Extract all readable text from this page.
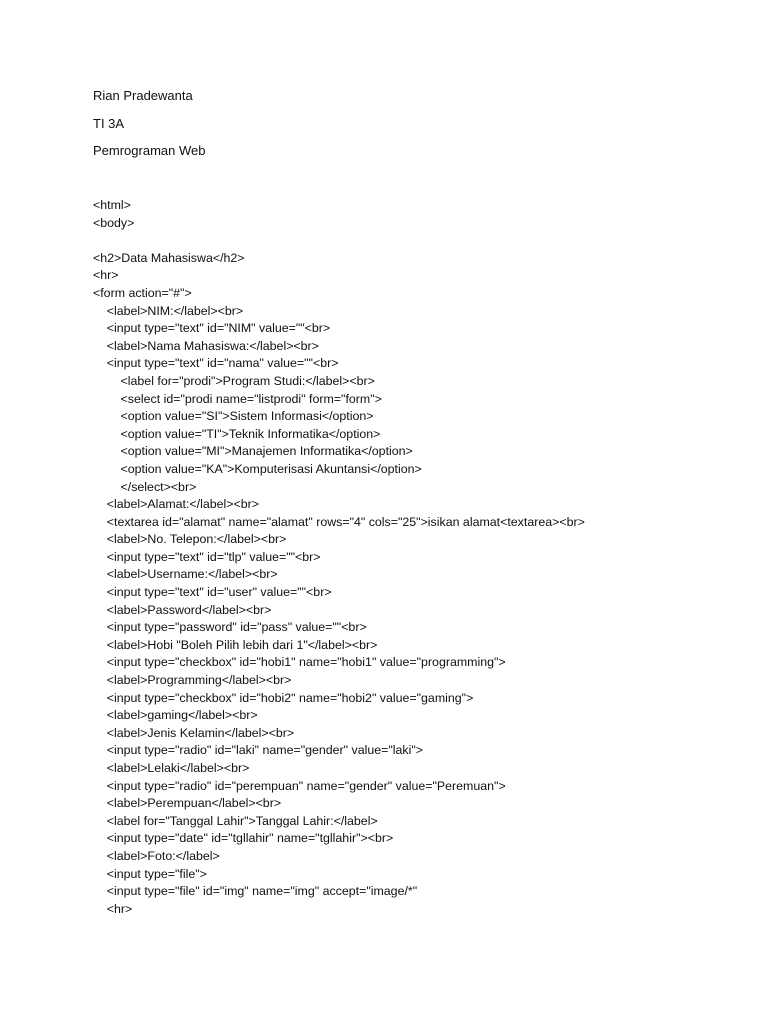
Rian Pradewanta
TI 3A
Pemrograman Web
<html>
<body>
<h2>Data Mahasiswa</h2>
<hr>
<form action="#">
<label>NIM:</label><br>
<input type="text" id="NIM" value=""<br>
<label>Nama Mahasiswa:</label><br>
<input type="text" id="nama" value=""<br>
<label for="prodi">Program Studi:</label><br>
<select id="prodi name="listprodi" form="form">
<option value="SI">Sistem Informasi</option>
<option value="TI">Teknik Informatika</option>
<option value="MI">Manajemen Informatika</option>
<option value="KA">Komputerisasi Akuntansi</option>
</select><br>
<label>Alamat:</label><br>
<textarea id="alamat" name="alamat" rows="4" cols="25">isikan alamat<textarea><br>
<label>No. Telepon:</label><br>
<input type="text" id="tlp" value=""<br>
<label>Username:</label><br>
<input type="text" id="user" value=""<br>
<label>Password</label><br>
<input type="password" id="pass" value=""<br>
<label>Hobi "Boleh Pilih lebih dari 1"</label><br>
<input type="checkbox" id="hobi1" name="hobi1" value="programming">
<label>Programming</label><br>
<input type="checkbox" id="hobi2" name="hobi2" value="gaming">
<label>gaming</label><br>
<label>Jenis Kelamin</label><br>
<input type="radio" id="laki" name="gender" value="laki">
<label>Lelaki</label><br>
<input type="radio" id="perempuan" name="gender" value="Peremuan">
<label>Perempuan</label><br>
<label for="Tanggal Lahir">Tanggal Lahir:</label>
<input type="date" id="tgllahir" name="tgllahir"><br>
<label>Foto:</label>
<input type="file">
<input type="file" id="img" name="img" accept="image/*"
<hr>
